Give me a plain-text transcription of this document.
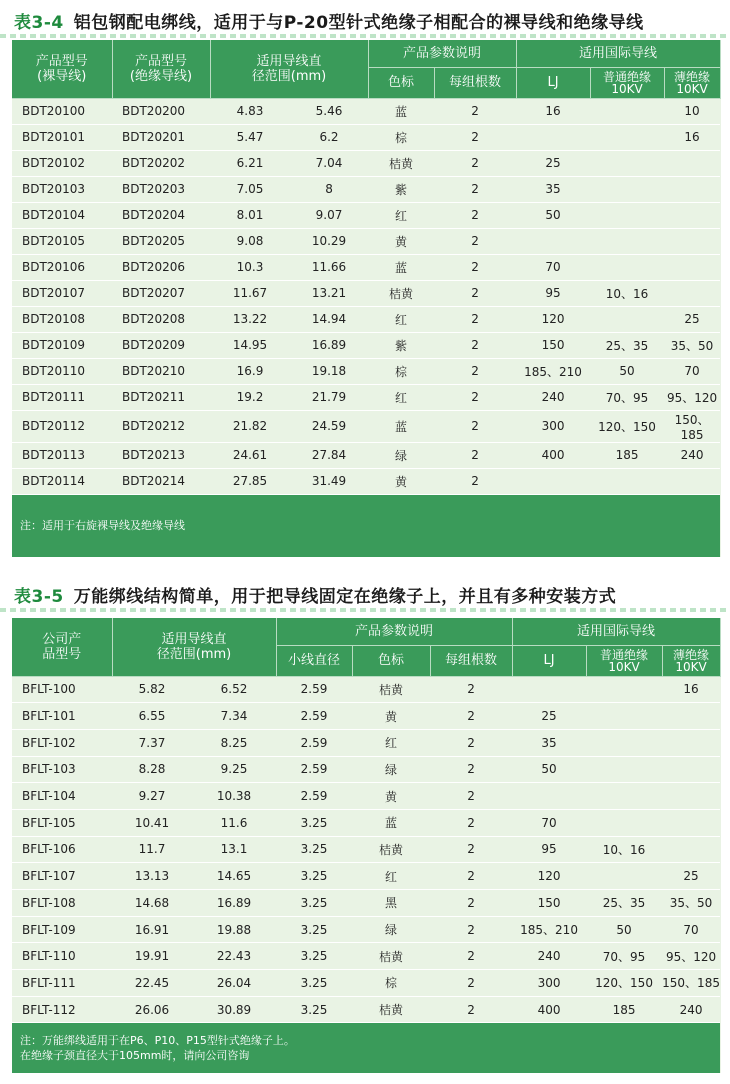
表3-4 铝包钢配电绑线，适用于与P-20型针式绝缘子相配合的裸导线和绝缘导线
产品型号
(裸导线)	产品型号
(绝缘导线)	适用导线直
径范围(mm)		产品参数说明		适用国际导线		
				色标	每组根数	LJ	普通绝缘
10KV	薄绝缘
10KV
BDT20100	BDT20200	4.83	5.46	蓝	2	16		10
BDT20101	BDT20201	5.47	6.2	棕	2			16
BDT20102	BDT20202	6.21	7.04	桔黄	2	25		
BDT20103	BDT20203	7.05	8	紫	2	35		
BDT20104	BDT20204	8.01	9.07	红	2	50		
BDT20105	BDT20205	9.08	10.29	黄	2			
BDT20106	BDT20206	10.3	11.66	蓝	2	70		
BDT20107	BDT20207	11.67	13.21	桔黄	2	95	10、16	
BDT20108	BDT20208	13.22	14.94	红	2	120		25
BDT20109	BDT20209	14.95	16.89	紫	2	150	25、35	35、50
BDT20110	BDT20210	16.9	19.18	棕	2	185、210	50	70
BDT20111	BDT20211	19.2	21.79	红	2	240	70、95	95、120
BDT20112	BDT20212	21.82	24.59	蓝	2	300	120、150	150、185
BDT20113	BDT20213	24.61	27.84	绿	2	400	185	240
BDT20114	BDT20214	27.85	31.49	黄	2			
注：适用于右旋裸导线及绝缘导线								
表3-5 万能绑线结构简单，用于把导线固定在绝缘子上，并且有多种安装方式
公司产
品型号	适用导线直
径范围(mm)		产品参数说明			适用国际导线		
			小线直径	色标	每组根数	LJ	普通绝缘
10KV	薄绝缘
10KV
BFLT-100	5.82	6.52	2.59	桔黄	2			16
BFLT-101	6.55	7.34	2.59	黄	2	25		
BFLT-102	7.37	8.25	2.59	红	2	35		
BFLT-103	8.28	9.25	2.59	绿	2	50		
BFLT-104	9.27	10.38	2.59	黄	2			
BFLT-105	10.41	11.6	3.25	蓝	2	70		
BFLT-106	11.7	13.1	3.25	桔黄	2	95	10、16	
BFLT-107	13.13	14.65	3.25	红	2	120		25
BFLT-108	14.68	16.89	3.25	黑	2	150	25、35	35、50
BFLT-109	16.91	19.88	3.25	绿	2	185、210	50	70
BFLT-110	19.91	22.43	3.25	桔黄	2	240	70、95	95、120
BFLT-111	22.45	26.04	3.25	棕	2	300	120、150	150、185
BFLT-112	26.06	30.89	3.25	桔黄	2	400	185	240
注：万能绑线适用于在P6、P10、P15型针式绝缘子上。
在绝缘子颈直径大于105mm时，请向公司咨询								
